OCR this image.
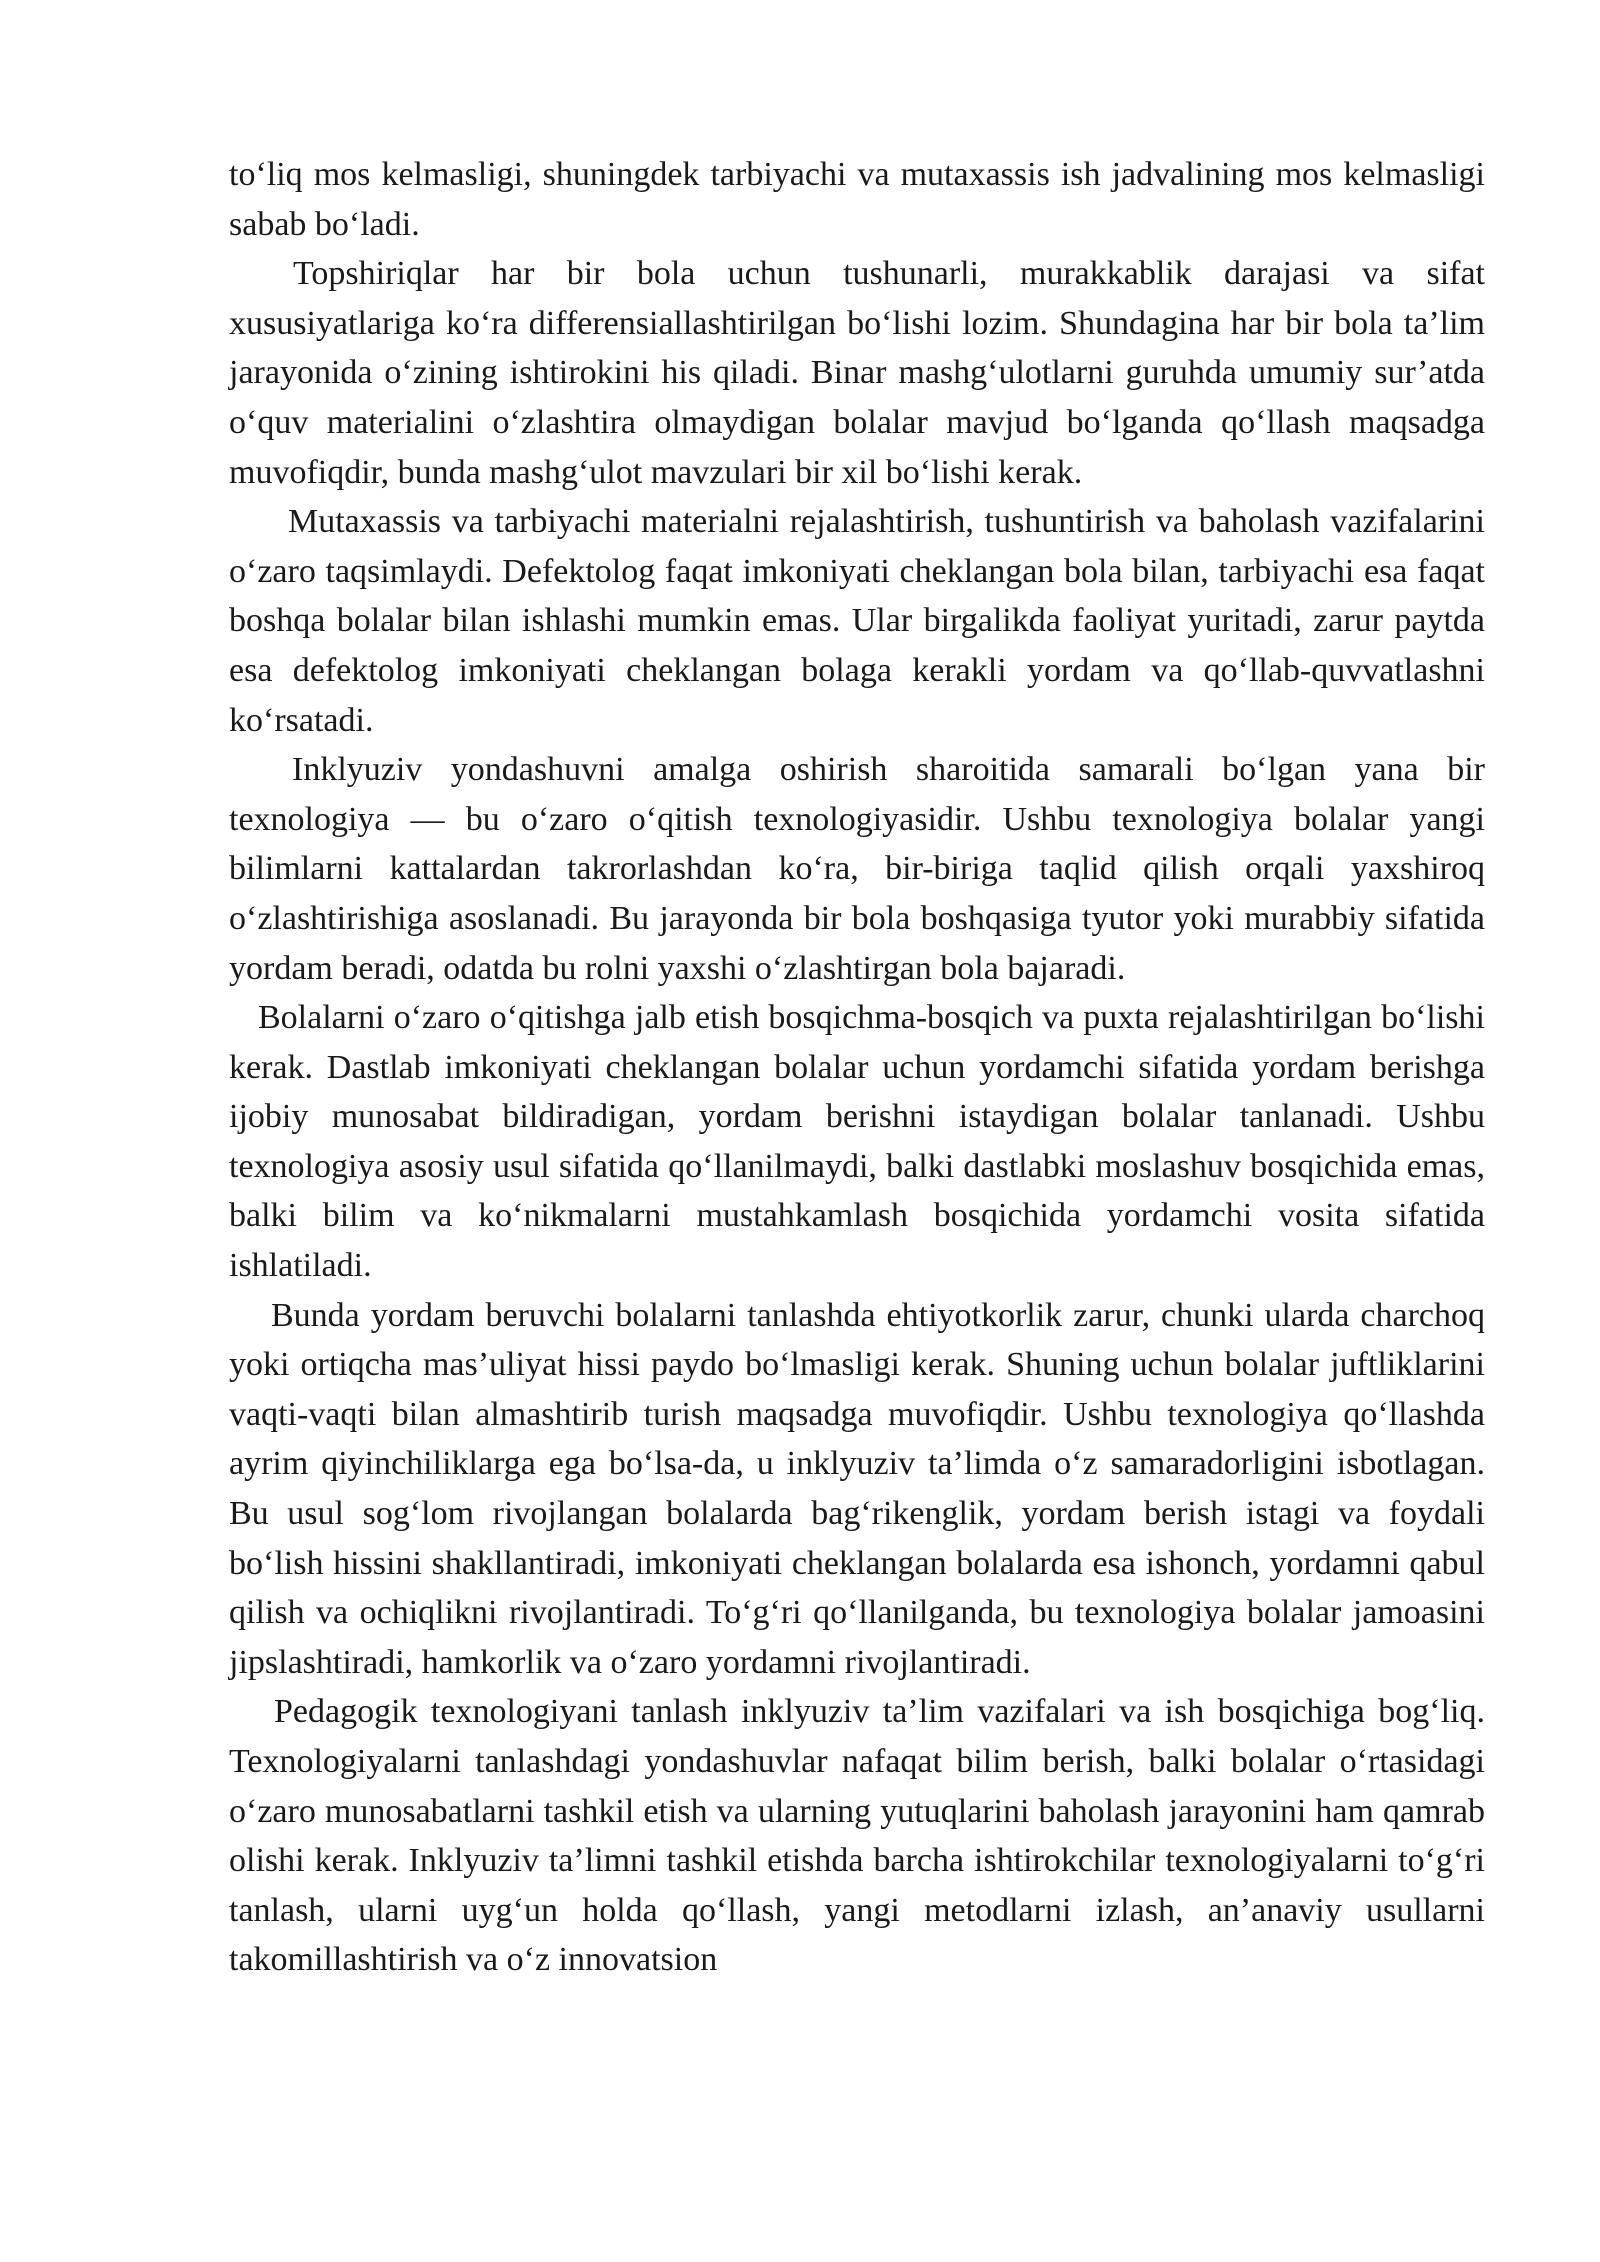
to‘liq mos kelmasligi, shuningdek tarbiyachi va mutaxassis ish jadvalining mos kelmasligi sabab bo‘ladi.

Topshiriqlar har bir bola uchun tushunarli, murakkablik darajasi va sifat xususiyatlariga ko‘ra differensiallashtirilgan bo‘lishi lozim. Shundagina har bir bola ta’lim jarayonida o‘zining ishtirokini his qiladi. Binar mashg‘ulotlarni guruhda umumiy sur’atda o‘quv materialini o‘zlashtira olmaydigan bolalar mavjud bo‘lganda qo‘llash maqsadga muvofiqdir, bunda mashg‘ulot mavzulari bir xil bo‘lishi kerak.

Mutaxassis va tarbiyachi materialni rejalashtirish, tushuntirish va baholash vazifalarini o‘zaro taqsimlaydi. Defektolog faqat imkoniyati cheklangan bola bilan, tarbiyachi esa faqat boshqa bolalar bilan ishlashi mumkin emas. Ular birgalikda faoliyat yuritadi, zarur paytda esa defektolog imkoniyati cheklangan bolaga kerakli yordam va qo‘llab-quvvatlashni ko‘rsatadi.

Inklyuziv yondashuvni amalga oshirish sharoitida samarali bo‘lgan yana bir texnologiya — bu o‘zaro o‘qitish texnologiyasidir. Ushbu texnologiya bolalar yangi bilimlarni kattalardan takrorlashdan ko‘ra, bir-biriga taqlid qilish orqali yaxshiroq o‘zlashtirishiga asoslanadi. Bu jarayonda bir bola boshqasiga tyutor yoki murabbiy sifatida yordam beradi, odatda bu rolni yaxshi o‘zlashtirgan bola bajaradi.

Bolalarni o‘zaro o‘qitishga jalb etish bosqichma-bosqich va puxta rejalashtirilgan bo‘lishi kerak. Dastlab imkoniyati cheklangan bolalar uchun yordamchi sifatida yordam berishga ijobiy munosabat bildiradigan, yordam berishni istaydigan bolalar tanlanadi. Ushbu texnologiya asosiy usul sifatida qo‘llanilmaydi, balki dastlabki moslashuv bosqichida emas, balki bilim va ko‘nikmalarni mustahkamlash bosqichida yordamchi vosita sifatida ishlatiladi.

Bunda yordam beruvchi bolalarni tanlashda ehtiyotkorlik zarur, chunki ularda charchoq yoki ortiqcha mas’uliyat hissi paydo bo‘lmasligi kerak. Shuning uchun bolalar juftliklarini vaqti-vaqti bilan almashtirib turish maqsadga muvofiqdir. Ushbu texnologiya qo‘llashda ayrim qiyinchiliklarga ega bo‘lsa-da, u inklyuziv ta’limda o‘z samaradorligini isbotlagan. Bu usul sog‘lom rivojlangan bolalarda bag‘rikenglik, yordam berish istagi va foydali bo‘lish hissini shakllantiradi, imkoniyati cheklangan bolalarda esa ishonch, yordamni qabul qilish va ochiqlikni rivojlantiradi. To‘g‘ri qo‘llanilganda, bu texnologiya bolalar jamoasini jipslashtiradi, hamkorlik va o‘zaro yordamni rivojlantiradi.

Pedagogik texnologiyani tanlash inklyuziv ta’lim vazifalari va ish bosqichiga bog‘liq. Texnologiyalarni tanlashdagi yondashuvlar nafaqat bilim berish, balki bolalar o‘rtasidagi o‘zaro munosabatlarni tashkil etish va ularning yutuqlarini baholash jarayonini ham qamrab olishi kerak. Inklyuziv ta’limni tashkil etishda barcha ishtirokchilar texnologiyalarni to‘g‘ri tanlash, ularni uyg‘un holda qo‘llash, yangi metodlarni izlash, an’anaviy usullarni takomillashtirish va o‘z innovatsion
